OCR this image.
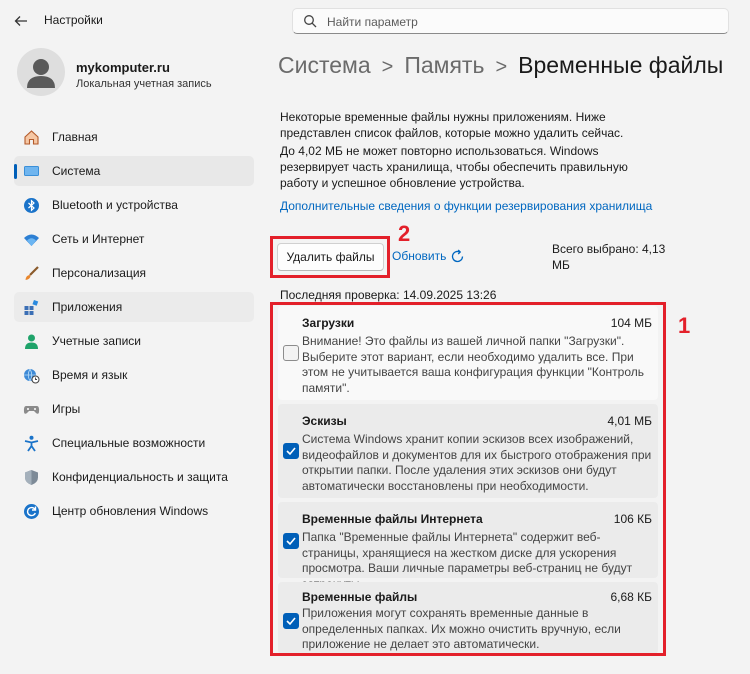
Настройки	Найти параметр
mykomputer.ru
Локальная учетная запись
Главная
Система
Bluetooth и устройства
Сеть и Интернет
Персонализация
Приложения
Учетные записи
Время и язык
Игры
Специальные возможности
Конфиденциальность и защита
Центр обновления Windows
Система > Память > Временные файлы
Некоторые временные файлы нужны приложениям. Ниже представлен список файлов, которые можно удалить сейчас.
До 4,02 МБ не может повторно использоваться. Windows резервирует часть хранилища, чтобы обеспечить правильную работу и успешное обновление устройства.
Дополнительные сведения о функции резервирования хранилища
Удалить файлы	Обновить	Всего выбрано: 4,13 МБ
Последняя проверка: 14.09.2025 13:26
Загрузки	104 МБ
Внимание! Это файлы из вашей личной папки "Загрузки". Выберите этот вариант, если необходимо удалить все. При этом не учитывается ваша конфигурация функции "Контроль памяти".
Эскизы	4,01 МБ
Система Windows хранит копии эскизов всех изображений, видеофайлов и документов для их быстрого отображения при открытии папки. После удаления этих эскизов они будут автоматически восстановлены при необходимости.
Временные файлы Интернета	106 КБ
Папка "Временные файлы Интернета" содержит веб-страницы, хранящиеся на жестком диске для ускорения просмотра. Ваши личные параметры веб-страниц не будут
Временные файлы	6,68 КБ
Приложения могут сохранять временные данные в определенных папках. Их можно очистить вручную, если приложение не делает это автоматически.
1
2
